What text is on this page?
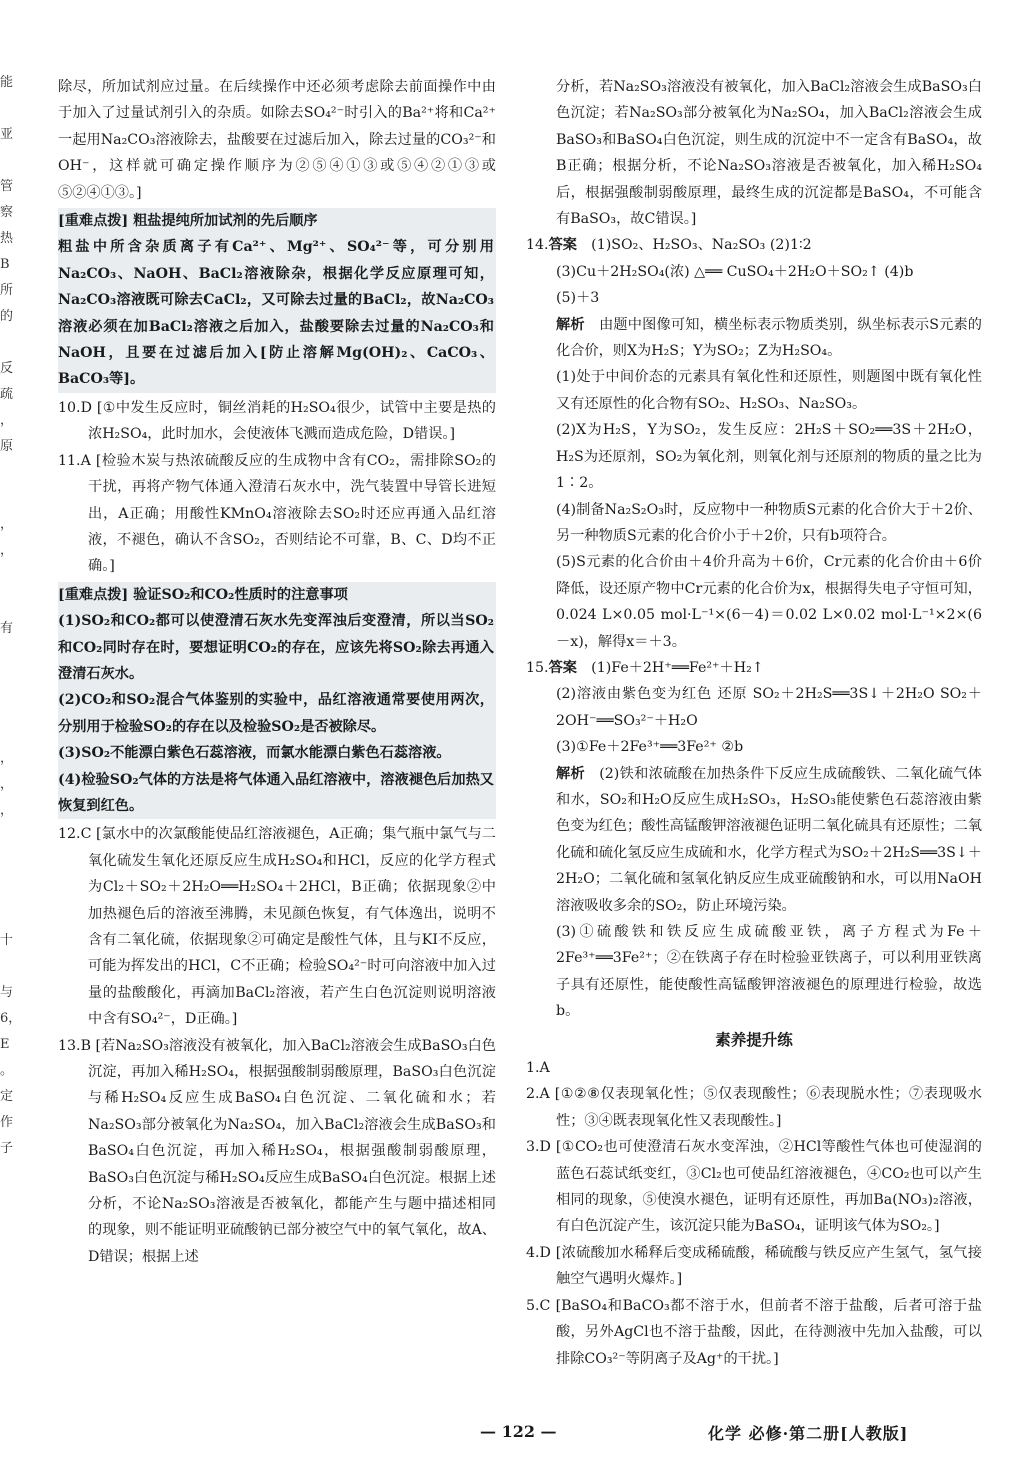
能

亚

管
察
热
B
所
的

反
疏
，
原

，
，

有

，
，
，

十

与
6，
E
。
定
作
子
除尽，所加试剂应过量。在后续操作中还必须考虑除去前面操作中由于加入了过量试剂引入的杂质。如除去SO₄²⁻时引入的Ba²⁺将和Ca²⁺一起用Na₂CO₃溶液除去，盐酸要在过滤后加入，除去过量的CO₃²⁻和OH⁻，这样就可确定操作顺序为②⑤④①③或⑤④②①③或⑤②④①③。]
[重难点拨] 粗盐提纯所加试剂的先后顺序
粗盐中所含杂质离子有Ca²⁺、Mg²⁺、SO₄²⁻等，可分别用Na₂CO₃、NaOH、BaCl₂溶液除杂，根据化学反应原理可知，Na₂CO₃溶液既可除去CaCl₂，又可除去过量的BaCl₂，故Na₂CO₃溶液必须在加BaCl₂溶液之后加入，盐酸要除去过量的Na₂CO₃和NaOH，且要在过滤后加入[防止溶解Mg(OH)₂、CaCO₃、BaCO₃等]。
10.D [①中发生反应时，铜丝消耗的H₂SO₄很少，试管中主要是热的浓H₂SO₄，此时加水，会使液体飞溅而造成危险，D错误。]
11.A [检验木炭与热浓硫酸反应的生成物中含有CO₂，需排除SO₂的干扰，再将产物气体通入澄清石灰水中，洗气装置中导管长进短出，A正确；用酸性KMnO₄溶液除去SO₂时还应再通入品红溶液，不褪色，确认不含SO₂，否则结论不可靠，B、C、D均不正确。]
[重难点拨] 验证SO₂和CO₂性质时的注意事项
(1)SO₂和CO₂都可以使澄清石灰水先变浑浊后变澄清，所以当SO₂和CO₂同时存在时，要想证明CO₂的存在，应该先将SO₂除去再通入澄清石灰水。
(2)CO₂和SO₂混合气体鉴别的实验中，品红溶液通常要使用两次，分别用于检验SO₂的存在以及检验SO₂是否被除尽。
(3)SO₂不能漂白紫色石蕊溶液，而氯水能漂白紫色石蕊溶液。
(4)检验SO₂气体的方法是将气体通入品红溶液中，溶液褪色后加热又恢复到红色。
12.C [氯水中的次氯酸能使品红溶液褪色，A正确；集气瓶中氯气与二氧化硫发生氧化还原反应生成H₂SO₄和HCl，反应的化学方程式为Cl₂＋SO₂＋2H₂O══H₂SO₄＋2HCl，B正确；依据现象②中加热褪色后的溶液至沸腾，未见颜色恢复，有气体逸出，说明不含有二氧化硫，依据现象②可确定是酸性气体，且与KI不反应，可能为挥发出的HCl，C不正确；检验SO₄²⁻时可向溶液中加入过量的盐酸酸化，再滴加BaCl₂溶液，若产生白色沉淀则说明溶液中含有SO₄²⁻，D正确。]
13.B [若Na₂SO₃溶液没有被氧化，加入BaCl₂溶液会生成BaSO₃白色沉淀，再加入稀H₂SO₄，根据强酸制弱酸原理，BaSO₃白色沉淀与稀H₂SO₄反应生成BaSO₄白色沉淀、二氧化硫和水；若Na₂SO₃部分被氧化为Na₂SO₄，加入BaCl₂溶液会生成BaSO₃和BaSO₄白色沉淀，再加入稀H₂SO₄，根据强酸制弱酸原理，BaSO₃白色沉淀与稀H₂SO₄反应生成BaSO₄白色沉淀。根据上述分析，不论Na₂SO₃溶液是否被氧化，都能产生与题中描述相同的现象，则不能证明亚硫酸钠已部分被空气中的氧气氧化，故A、D错误；根据上述
分析，若Na₂SO₃溶液没有被氧化，加入BaCl₂溶液会生成BaSO₃白色沉淀；若Na₂SO₃部分被氧化为Na₂SO₄，加入BaCl₂溶液会生成BaSO₃和BaSO₄白色沉淀，则生成的沉淀中不一定含有BaSO₄，故B正确；根据分析，不论Na₂SO₃溶液是否被氧化，加入稀H₂SO₄后，根据强酸制弱酸原理，最终生成的沉淀都是BaSO₄，不可能含有BaSO₃，故C错误。]
14.答案  (1)SO₂、H₂SO₃、Na₂SO₃ (2)1∶2
(3)Cu＋2H₂SO₄(浓) △══ CuSO₄＋2H₂O＋SO₂↑ (4)b
(5)＋3
解析  由题中图像可知，横坐标表示物质类别，纵坐标表示S元素的化合价，则X为H₂S；Y为SO₂；Z为H₂SO₄。
(1)处于中间价态的元素具有氧化性和还原性，则题图中既有氧化性又有还原性的化合物有SO₂、H₂SO₃、Na₂SO₃。
(2)X为H₂S，Y为SO₂，发生反应：2H₂S＋SO₂══3S＋2H₂O，H₂S为还原剂，SO₂为氧化剂，则氧化剂与还原剂的物质的量之比为1∶2。
(4)制备Na₂S₂O₃时，反应物中一种物质S元素的化合价大于＋2价、另一种物质S元素的化合价小于＋2价，只有b项符合。
(5)S元素的化合价由＋4价升高为＋6价，Cr元素的化合价由＋6价降低，设还原产物中Cr元素的化合价为x，根据得失电子守恒可知，0.024 L×0.05 mol·L⁻¹×(6－4)＝0.02 L×0.02 mol·L⁻¹×2×(6－x)，解得x＝＋3。
15.答案  (1)Fe＋2H⁺══Fe²⁺＋H₂↑
(2)溶液由紫色变为红色 还原 SO₂＋2H₂S══3S↓＋2H₂O SO₂＋2OH⁻══SO₃²⁻＋H₂O
(3)①Fe＋2Fe³⁺══3Fe²⁺ ②b
解析  (2)铁和浓硫酸在加热条件下反应生成硫酸铁、二氧化硫气体和水，SO₂和H₂O反应生成H₂SO₃，H₂SO₃能使紫色石蕊溶液由紫色变为红色；酸性高锰酸钾溶液褪色证明二氧化硫具有还原性；二氧化硫和硫化氢反应生成硫和水，化学方程式为SO₂＋2H₂S══3S↓＋2H₂O；二氧化硫和氢氧化钠反应生成亚硫酸钠和水，可以用NaOH溶液吸收多余的SO₂，防止环境污染。
(3)①硫酸铁和铁反应生成硫酸亚铁，离子方程式为Fe＋2Fe³⁺══3Fe²⁺；②在铁离子存在时检验亚铁离子，可以利用亚铁离子具有还原性，能使酸性高锰酸钾溶液褪色的原理进行检验，故选b。
素养提升练
1.A
2.A [①②⑧仅表现氧化性；⑤仅表现酸性；⑥表现脱水性；⑦表现吸水性；③④既表现氧化性又表现酸性。]
3.D [①CO₂也可使澄清石灰水变浑浊，②HCl等酸性气体也可使湿润的蓝色石蕊试纸变红，③Cl₂也可使品红溶液褪色，④CO₂也可以产生相同的现象，⑤使溴水褪色，证明有还原性，再加Ba(NO₃)₂溶液，有白色沉淀产生，该沉淀只能为BaSO₄，证明该气体为SO₂。]
4.D [浓硫酸加水稀释后变成稀硫酸，稀硫酸与铁反应产生氢气，氢气接触空气遇明火爆炸。]
5.C [BaSO₄和BaCO₃都不溶于水，但前者不溶于盐酸，后者可溶于盐酸，另外AgCl也不溶于盐酸，因此，在待测液中先加入盐酸，可以排除CO₃²⁻等阴离子及Ag⁺的干扰。]
— 122 —	化学 必修·第二册[人教版]
